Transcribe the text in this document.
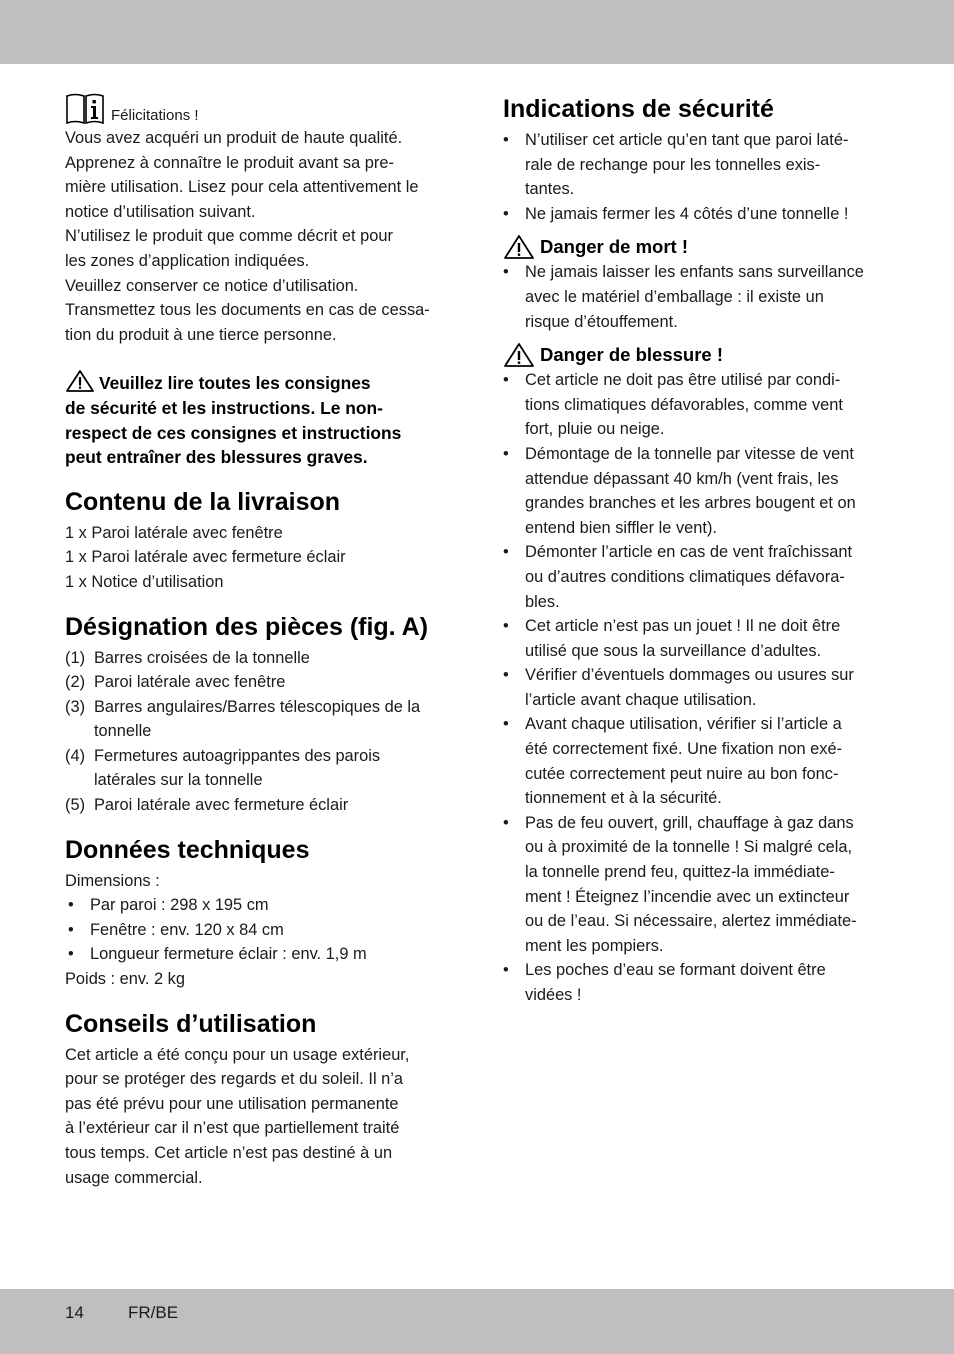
Félicitations !
Vous avez acquéri un produit de haute qualité.
Apprenez à connaître le produit avant sa pre-
mière utilisation. Lisez pour cela attentivement le
notice d’utilisation suivant.
N’utilisez le produit que comme décrit et pour
les zones d’application indiquées.
Veuillez conserver ce notice d’utilisation.
Transmettez tous les documents en cas de cessa-
tion du produit à une tierce personne.
Veuillez lire toutes les consignes
de sécurité et les instructions. Le non-
respect de ces consignes et instructions
peut entraîner des blessures graves.
Contenu de la livraison
1 x Paroi latérale avec fenêtre
1 x Paroi latérale avec fermeture éclair
1 x Notice d’utilisation
Désignation des pièces (fig. A)
(1) Barres croisées de la tonnelle
(2) Paroi latérale avec fenêtre
(3) Barres angulaires/Barres télescopiques de la
tonnelle
(4) Fermetures autoagrippantes des parois
latérales sur la tonnelle
(5) Paroi latérale avec fermeture éclair
Données techniques

Dimensions :

• Par paroi : 298 x 195 cm
• Fenêtre : env. 120 x 84 cm
• Longueur fermeture éclair : env. 1,9 m

Poids : env. 2 kg

Conseils d’utilisation
Cet article a été conçu pour un usage extérieur,
pour se protéger des regards et du soleil. Il n’a
pas été prévu pour une utilisation permanente
à l’extérieur car il n’est que partiellement traité
tous temps. Cet article n’est pas destiné à un
usage commercial.
Indications de sécurité
• N’utiliser cet article qu’en tant que paroi laté-
rale de rechange pour les tonnelles exis-
tantes.
• Ne jamais fermer les 4 côtés d’une tonnelle !
Danger de mort !
• Ne jamais laisser les enfants sans surveillance
avec le matériel d’emballage : il existe un
risque d’étouffement.
Danger de blessure !
• Cet article ne doit pas être utilisé par condi-
tions climatiques défavorables, comme vent
fort, pluie ou neige.
• Démontage de la tonnelle par vitesse de vent
attendue dépassant 40 km/h (vent frais, les
grandes branches et les arbres bougent et on
entend bien siffler le vent).
• Démonter l’article en cas de vent fraîchissant
ou d’autres conditions climatiques défavora-
bles.
• Cet article n’est pas un jouet ! Il ne doit être
utilisé que sous la surveillance d’adultes.
• Vérifier d’éventuels dommages ou usures sur
l’article avant chaque utilisation.
• Avant chaque utilisation, vérifier si l’article a
été correctement fixé. Une fixation non exé-
cutée correctement peut nuire au bon fonc-
tionnement et à la sécurité.
• Pas de feu ouvert, grill, chauffage à gaz dans
ou à proximité de la tonnelle ! Si malgré cela,
la tonnelle prend feu, quittez-la immédiate-
ment ! Éteignez l’incendie avec un extincteur
ou de l’eau. Si nécessaire, alertez immédiate-
ment les pompiers.
• Les poches d’eau se formant doivent être
vidées !
14	FR/BE
